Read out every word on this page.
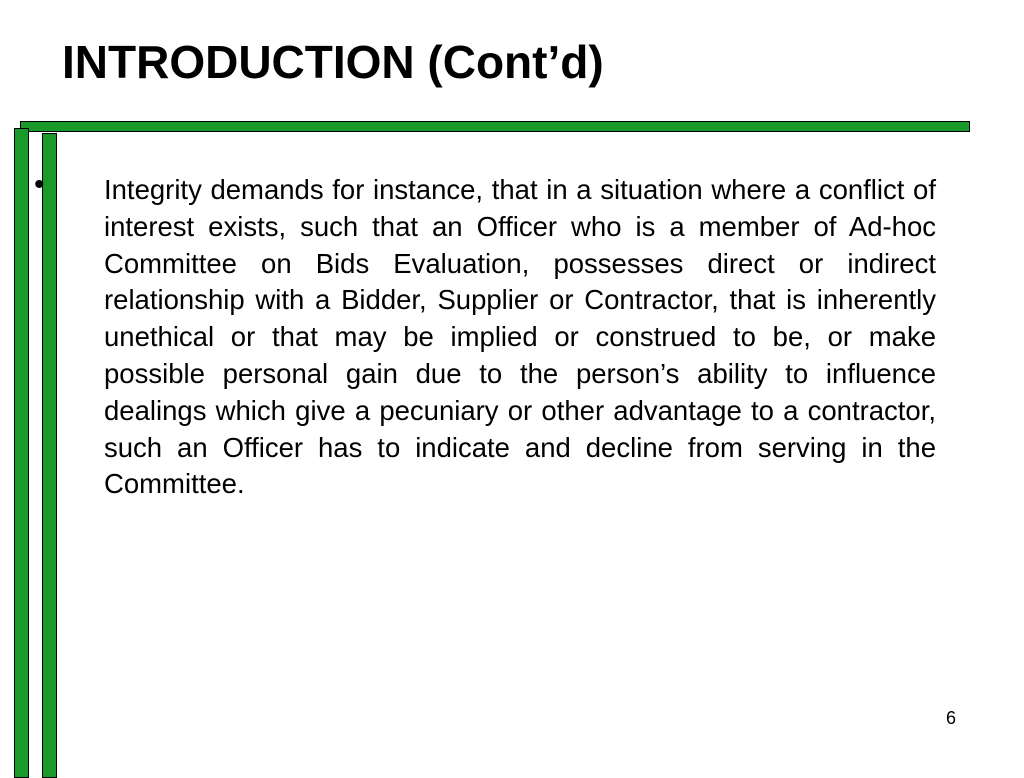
INTRODUCTION (Cont’d)
• Integrity demands for instance, that in a situation where a conflict of interest exists, such that an Officer who is a member of Ad-hoc Committee on Bids Evaluation, possesses direct or indirect relationship with a Bidder, Supplier or Contractor, that is inherently unethical or that may be implied or construed to be, or make possible personal gain due to the person’s ability to influence dealings which give a pecuniary or other advantage to a contractor, such an Officer has to indicate and decline from serving in the Committee.

6
